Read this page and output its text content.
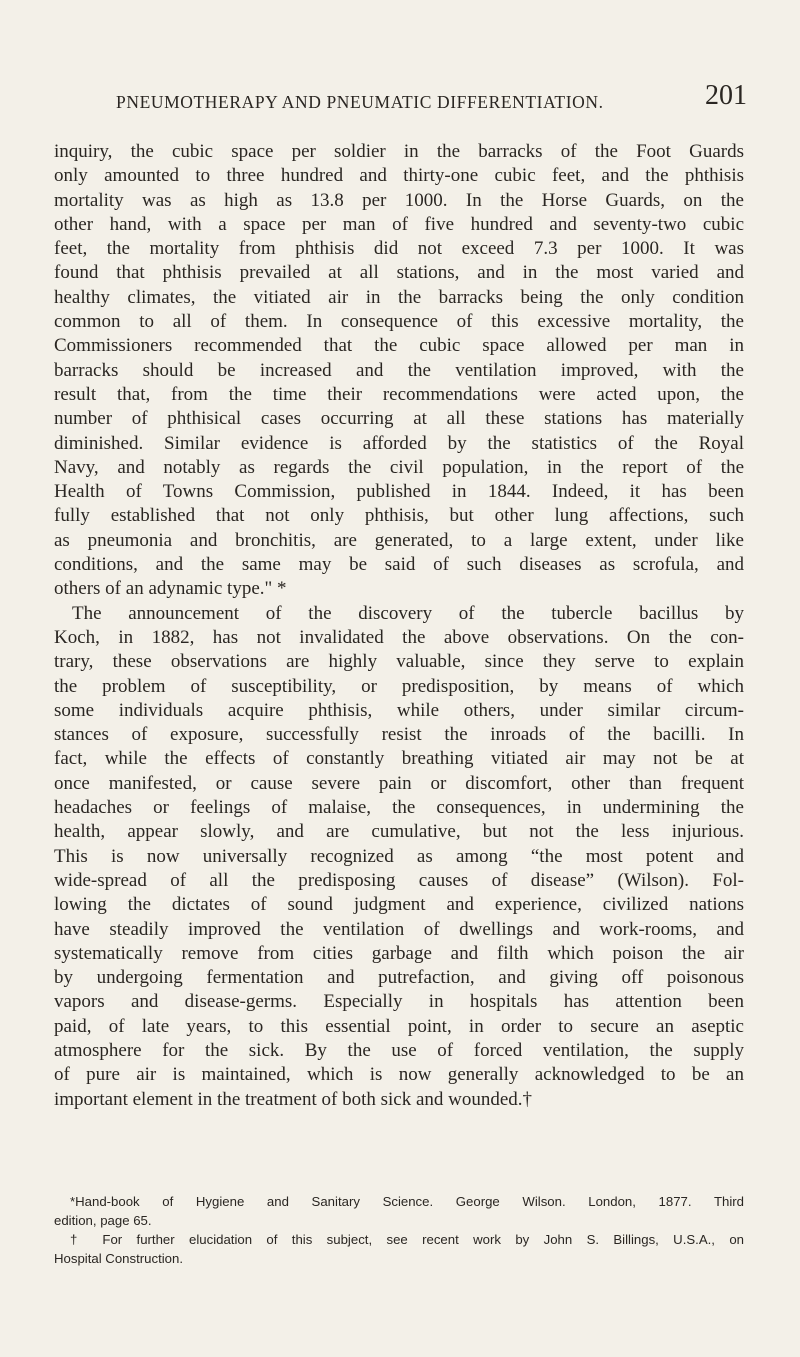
PNEUMOTHERAPY AND PNEUMATIC DIFFERENTIATION.	201
inquiry, the cubic space per soldier in the barracks of the Foot Guards
only amounted to three hundred and thirty-one cubic feet, and the phthisis
mortality was as high as 13.8 per 1000. In the Horse Guards, on the
other hand, with a space per man of five hundred and seventy-two cubic
feet, the mortality from phthisis did not exceed 7.3 per 1000. It was
found that phthisis prevailed at all stations, and in the most varied and
healthy climates, the vitiated air in the barracks being the only condition
common to all of them. In consequence of this excessive mortality, the
Commissioners recommended that the cubic space allowed per man in
barracks should be increased and the ventilation improved, with the
result that, from the time their recommendations were acted upon, the
number of phthisical cases occurring at all these stations has materially
diminished. Similar evidence is afforded by the statistics of the Royal
Navy, and notably as regards the civil population, in the report of the
Health of Towns Commission, published in 1844. Indeed, it has been
fully established that not only phthisis, but other lung affections, such
as pneumonia and bronchitis, are generated, to a large extent, under like
conditions, and the same may be said of such diseases as scrofula, and
others of an adynamic type." *
The announcement of the discovery of the tubercle bacillus by
Koch, in 1882, has not invalidated the above observations. On the con-
trary, these observations are highly valuable, since they serve to explain
the problem of susceptibility, or predisposition, by means of which
some individuals acquire phthisis, while others, under similar circum-
stances of exposure, successfully resist the inroads of the bacilli. In
fact, while the effects of constantly breathing vitiated air may not be at
once manifested, or cause severe pain or discomfort, other than frequent
headaches or feelings of malaise, the consequences, in undermining the
health, appear slowly, and are cumulative, but not the less injurious.
This is now universally recognized as among “the most potent and
wide-spread of all the predisposing causes of disease” (Wilson). Fol-
lowing the dictates of sound judgment and experience, civilized nations
have steadily improved the ventilation of dwellings and work-rooms, and
systematically remove from cities garbage and filth which poison the air
by undergoing fermentation and putrefaction, and giving off poisonous
vapors and disease-germs. Especially in hospitals has attention been
paid, of late years, to this essential point, in order to secure an aseptic
atmosphere for the sick. By the use of forced ventilation, the supply
of pure air is maintained, which is now generally acknowledged to be an
important element in the treatment of both sick and wounded.†
*Hand-book of Hygiene and Sanitary Science. George Wilson. London, 1877. Third
edition, page 65.
† For further elucidation of this subject, see recent work by John S. Billings, U.S.A., on
Hospital Construction.
